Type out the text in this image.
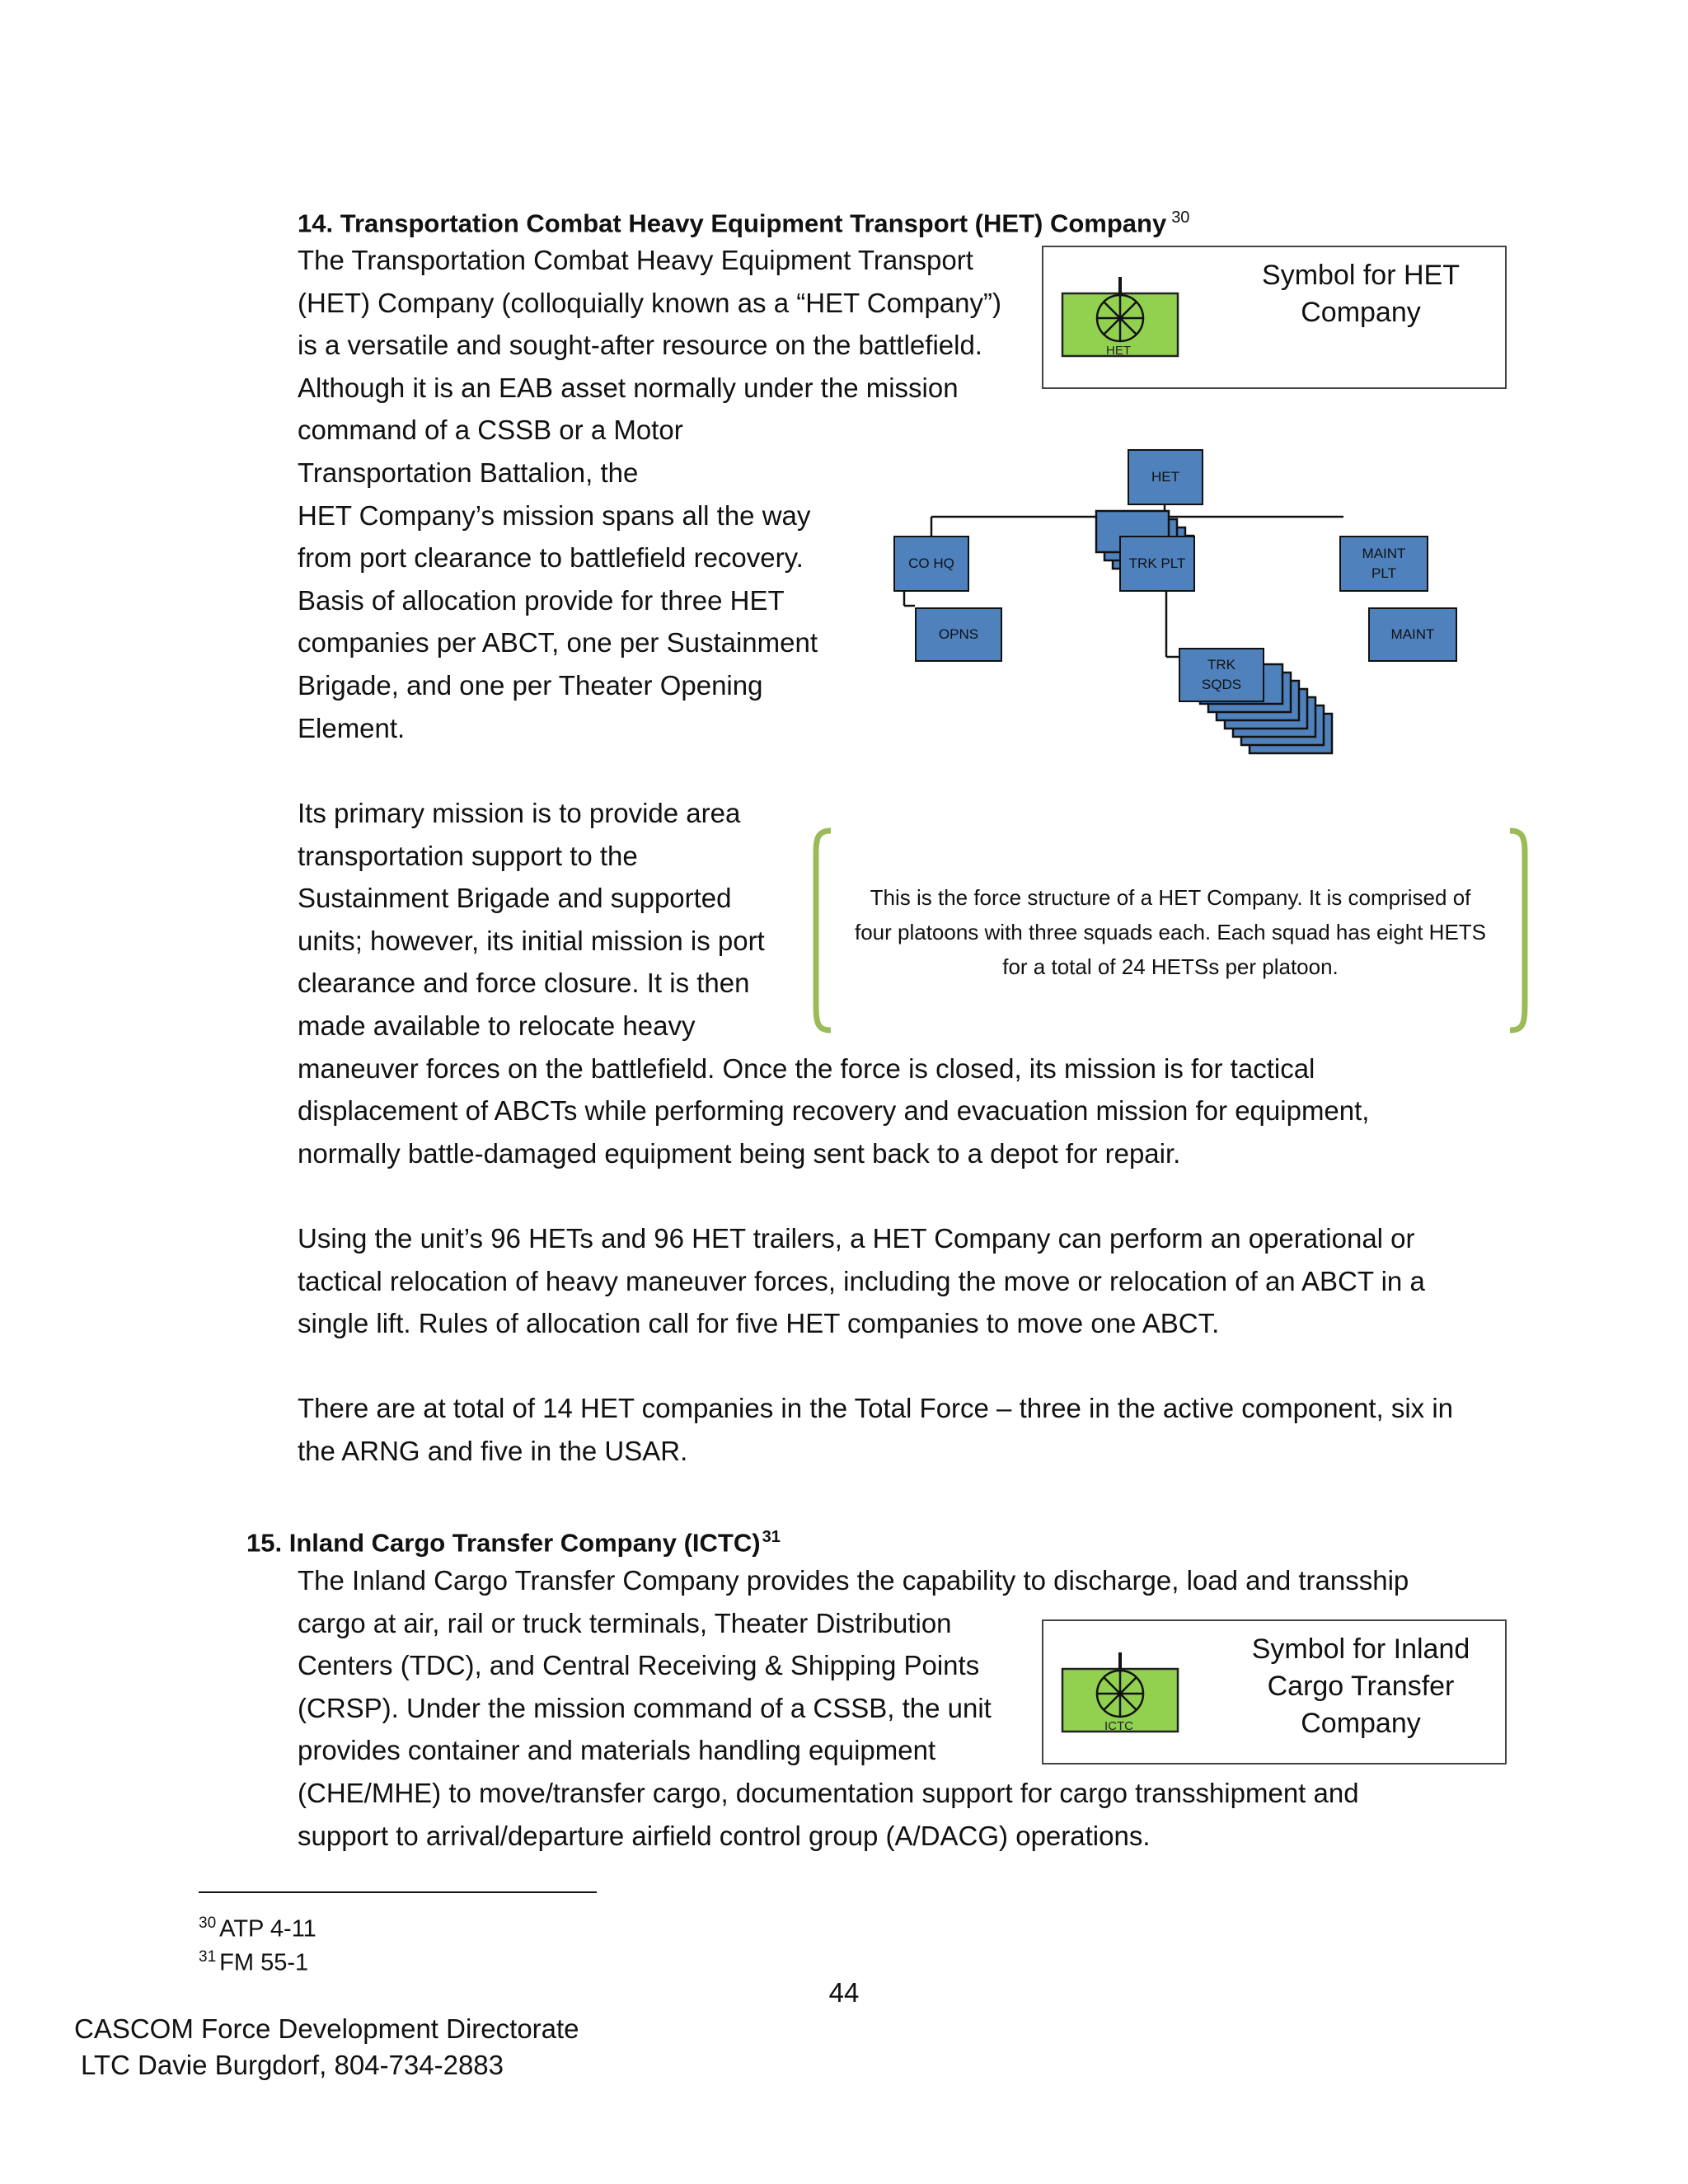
14. Transportation Combat Heavy Equipment Transport (HET) Company $^{30}$
The Transportation Combat Heavy Equipment Transport
(HET) Company (colloquially known as a “HET Company”)
is a versatile and sought-after resource on the battlefield.
Although it is an EAB asset normally under the mission
command of a CSSB or a Motor
Transportation Battalion, the
HET Company’s mission spans all the way
from port clearance to battlefield recovery.
Basis of allocation provide for three HET
companies per ABCT, one per Sustainment
Brigade, and one per Theater Opening
Element.
Its primary mission is to provide area
transportation support to the
Sustainment Brigade and supported
units; however, its initial mission is port
clearance and force closure. It is then
made available to relocate heavy
maneuver forces on the battlefield. Once the force is closed, its mission is for tactical
displacement of ABCTs while performing recovery and evacuation mission for equipment,
normally battle-damaged equipment being sent back to a depot for repair.
Using the unit’s 96 HETs and 96 HET trailers, a HET Company can perform an operational or
tactical relocation of heavy maneuver forces, including the move or relocation of an ABCT in a
single lift. Rules of allocation call for five HET companies to move one ABCT.
There are at total of 14 HET companies in the Total Force – three in the active component, six in
the ARNG and five in the USAR.
HET
Symbol for HET
Company
HET
CO HQ
OPNS
TRK PLT
TRK
SQDS
MAINT
PLT
MAINT
This is the force structure of a HET Company. It is comprised of
four platoons with three squads each. Each squad has eight HETS
for a total of 24 HETSs per platoon.
15. Inland Cargo Transfer Company (ICTC) $^{31}$
The Inland Cargo Transfer Company provides the capability to discharge, load and transship
cargo at air, rail or truck terminals, Theater Distribution
Centers (TDC), and Central Receiving & Shipping Points
(CRSP). Under the mission command of a CSSB, the unit
provides container and materials handling equipment
(CHE/MHE) to move/transfer cargo, documentation support for cargo transshipment and
support to arrival/departure airfield control group (A/DACG) operations.
ICTC
Symbol for Inland
Cargo Transfer
Company
$^{30}$ ATP 4-11
$^{31}$ FM 55-1
44
CASCOM Force Development Directorate
LTC Davie Burgdorf, 804-734-2883
